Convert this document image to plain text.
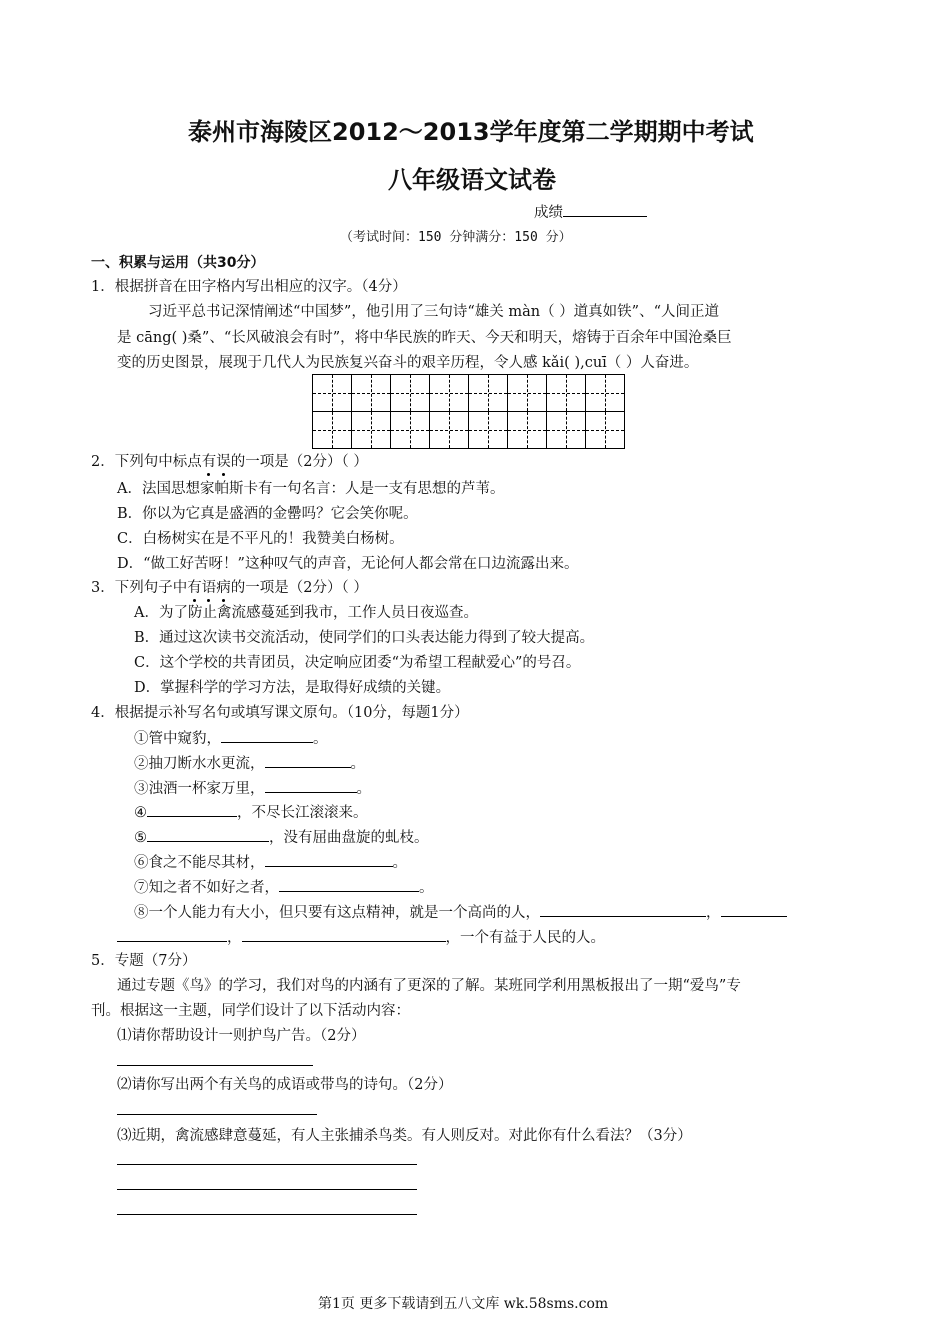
泰州市海陵区2012～2013学年度第二学期期中考试
八年级语文试卷
成绩
（考试时间：150 分钟满分：150 分）
一、积累与运用（共30分）
1．根据拼音在田字格内写出相应的汉字。（4分）
习近平总书记深情阐述“中国梦”，他引用了三句诗“雄关 màn（ ）道真如铁”、“人间正道
是 cāng( )桑”、“长风破浪会有时”，将中华民族的昨天、今天和明天，熔铸于百余年中国沧桑巨
变的历史图景，展现于几代人为民族复兴奋斗的艰辛历程，令人感 kǎi( ),cuī（ ）人奋进。

2．下列句中标点有误的一项是（2分）（ ）
A．法国思想家帕斯卡有一句名言：人是一支有思想的芦苇。
B．你以为它真是盛酒的金罍吗？它会笑你呢。
C．白杨树实在是不平凡的！我赞美白杨树。
D．“做工好苦呀！”这种叹气的声音，无论何人都会常在口边流露出来。
3．下列句子中有语病的一项是（2分）（ ）
A．为了防止禽流感蔓延到我市，工作人员日夜巡查。
B．通过这次读书交流活动，使同学们的口头表达能力得到了较大提高。
C．这个学校的共青团员，决定响应团委“为希望工程献爱心”的号召。
D．掌握科学的学习方法，是取得好成绩的关键。
4．根据提示补写名句或填写课文原句。（10分，每题1分）
①管中窥豹，	。
②抽刀断水水更流，	。
③浊酒一杯家万里，	。
④	，不尽长江滚滚来。
⑤	，没有屈曲盘旋的虬枝。
⑥食之不能尽其材，	。
⑦知之者不如好之者，	。
⑧一个人能力有大小，但只要有这点精神，就是一个高尚的人，	，
，	，一个有益于人民的人。
5．专题（7分）
通过专题《鸟》的学习，我们对鸟的内涵有了更深的了解。某班同学利用黑板报出了一期“爱鸟”专
刊。根据这一主题，同学们设计了以下活动内容：
⑴请你帮助设计一则护鸟广告。（2分）
⑵请你写出两个有关鸟的成语或带鸟的诗句。（2分）
⑶近期，禽流感肆意蔓延，有人主张捕杀鸟类。有人则反对。对此你有什么看法？（3分）
第1页 更多下载请到五八文库 wk.58sms.com
